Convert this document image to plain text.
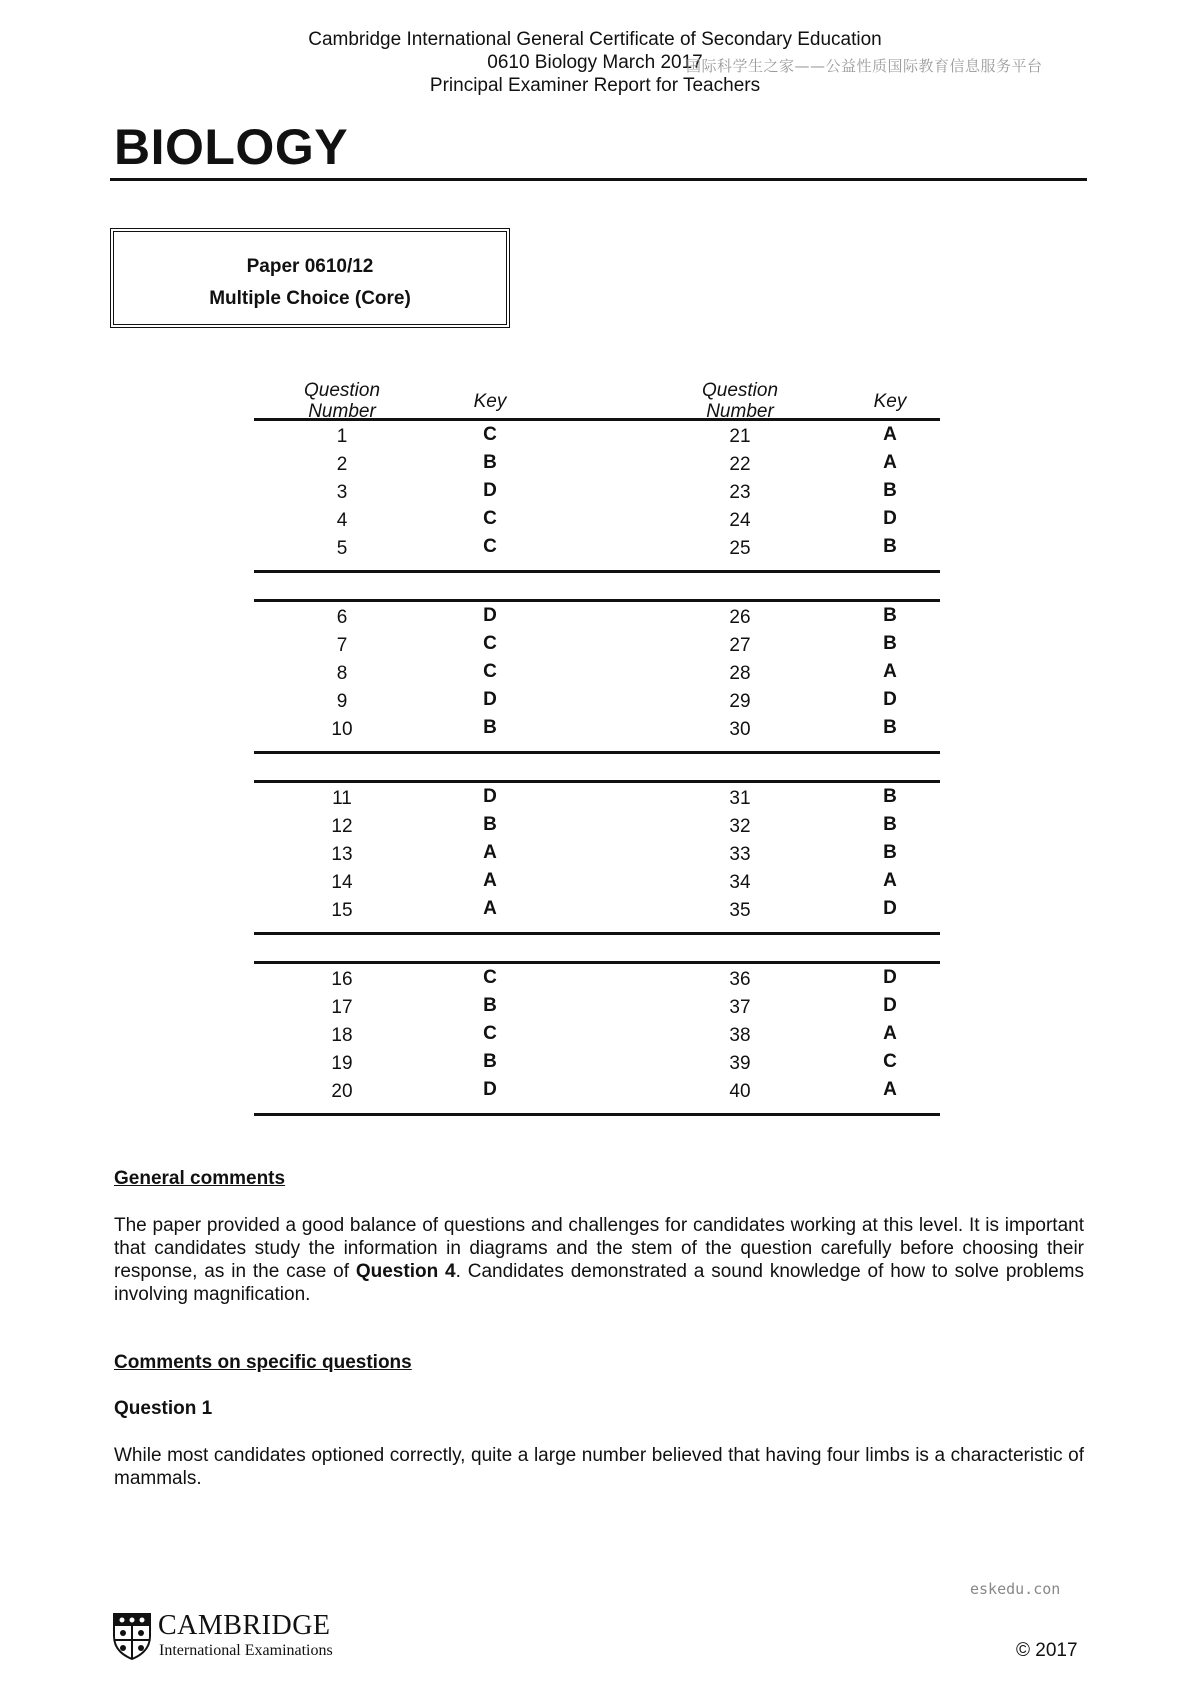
Cambridge International General Certificate of Secondary Education
0610 Biology March 2017
Principal Examiner Report for Teachers
国际科学生之家——公益性质国际教育信息服务平台
BIOLOGY
Paper 0610/12
Multiple Choice (Core)
Question
Number	Key
Question
Number	Key
1	C	21	A
2	B	22	A
3	D	23	B
4	C	24	D
5	C	25	B
6	D	26	B
7	C	27	B
8	C	28	A
9	D	29	D
10	B	30	B
11	D	31	B
12	B	32	B
13	A	33	B
14	A	34	A
15	A	35	D
16	C	36	D
17	B	37	D
18	C	38	A
19	B	39	C
20	D	40	A
General comments
The paper provided a good balance of questions and challenges for candidates working at this level. It is important that candidates study the information in diagrams and the stem of the question carefully before choosing their response, as in the case of Question 4. Candidates demonstrated a sound knowledge of how to solve problems involving magnification.
Comments on specific questions
Question 1
While most candidates optioned correctly, quite a large number believed that having four limbs is a characteristic of mammals.
eskedu.con
CAMBRIDGE
International Examinations	© 2017
